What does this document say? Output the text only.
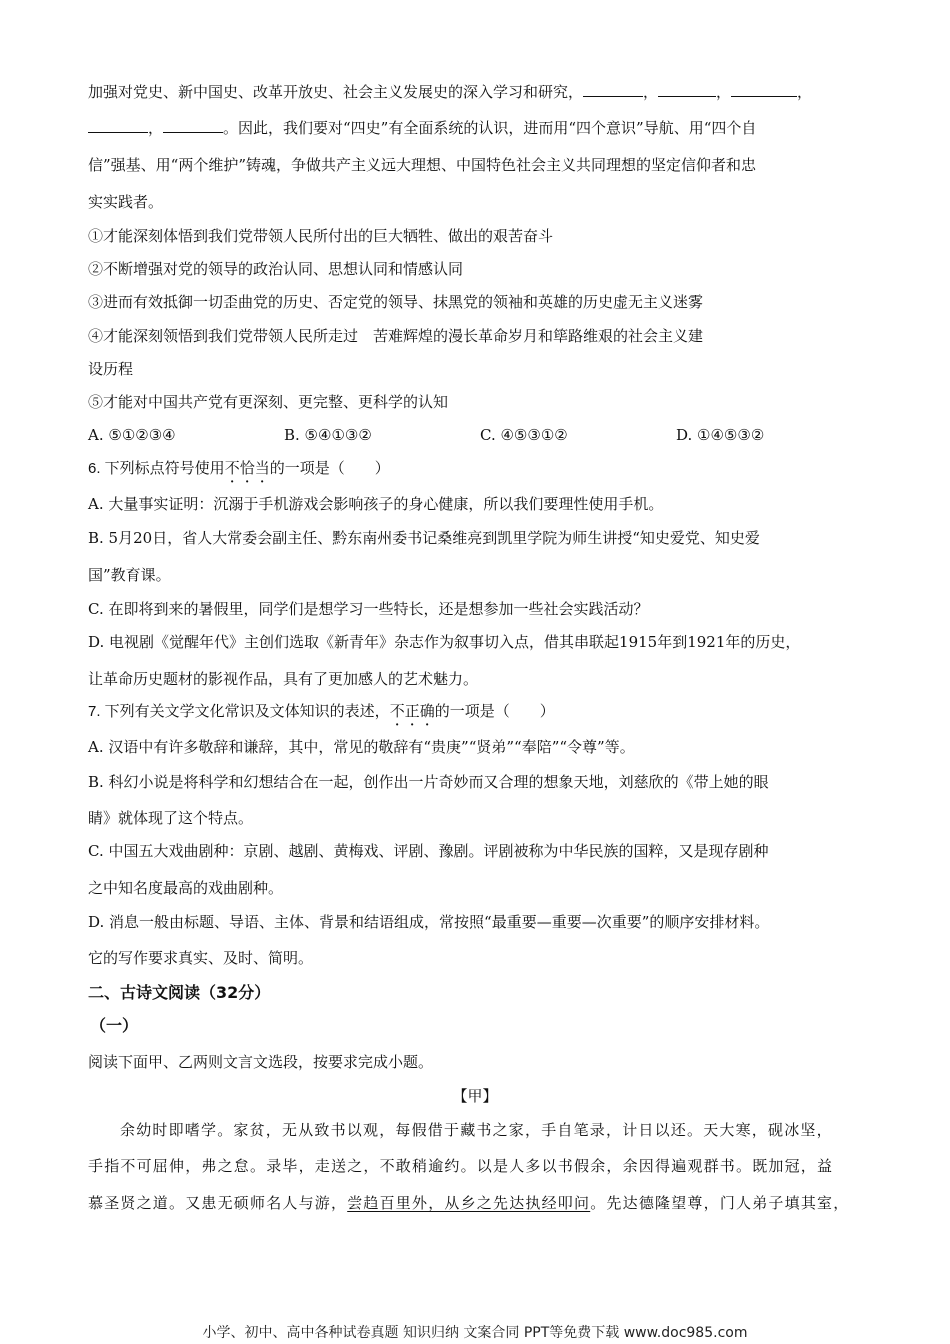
加强对党史、新中国史、改革开放史、社会主义发展史的深入学习和研究，	，	，	，
，	。因此，我们要对“四史”有全面系统的认识，进而用“四个意识”导航、用“四个自
信”强基、用“两个维护”铸魂，争做共产主义远大理想、中国特色社会主义共同理想的坚定信仰者和忠
实实践者。
①才能深刻体悟到我们党带领人民所付出的巨大牺牲、做出的艰苦奋斗
②不断增强对党的领导的政治认同、思想认同和情感认同
③进而有效抵御一切歪曲党的历史、否定党的领导、抹黑党的领袖和英雄的历史虚无主义迷雾
④才能深刻领悟到我们党带领人民所走过　苦难辉煌的漫长革命岁月和筚路维艰的社会主义建
设历程
⑤才能对中国共产党有更深刻、更完整、更科学的认知
A. ⑤①②③④	B. ⑤④①③②	C. ④⑤③①②	D. ①④⑤③②
6. 下列标点符号使用不恰当的一项是（　　）
A. 大量事实证明：沉溺于手机游戏会影响孩子的身心健康，所以我们要理性使用手机。
B. 5月20日，省人大常委会副主任、黔东南州委书记桑维亮到凯里学院为师生讲授“知史爱党、知史爱
国”教育课。
C. 在即将到来的暑假里，同学们是想学习一些特长，还是想参加一些社会实践活动？
D. 电视剧《觉醒年代》主创们选取《新青年》杂志作为叙事切入点，借其串联起1915年到1921年的历史，
让革命历史题材的影视作品，具有了更加感人的艺术魅力。
7. 下列有关文学文化常识及文体知识的表述，不正确的一项是（　　）
A. 汉语中有许多敬辞和谦辞，其中，常见的敬辞有“贵庚”“贤弟”“奉陪”“令尊”等。
B. 科幻小说是将科学和幻想结合在一起，创作出一片奇妙而又合理的想象天地，刘慈欣的《带上她的眼
睛》就体现了这个特点。
C. 中国五大戏曲剧种：京剧、越剧、黄梅戏、评剧、豫剧。评剧被称为中华民族的国粹，又是现存剧种
之中知名度最高的戏曲剧种。
D. 消息一般由标题、导语、主体、背景和结语组成，常按照“最重要—重要—次重要”的顺序安排材料。
它的写作要求真实、及时、简明。
二、古诗文阅读（32分）
（一）
阅读下面甲、乙两则文言文选段，按要求完成小题。
【甲】
余幼时即嗜学。家贫，无从致书以观，每假借于藏书之家，手自笔录，计日以还。天大寒，砚冰坚，
手指不可屈伸，弗之怠。录毕，走送之，不敢稍逾约。以是人多以书假余，余因得遍观群书。既加冠，益
慕圣贤之道。又患无硕师名人与游，尝趋百里外，从乡之先达执经叩问。先达德隆望尊，门人弟子填其室，
小学、初中、高中各种试卷真题 知识归纳 文案合同 PPT等免费下载 www.doc985.com
